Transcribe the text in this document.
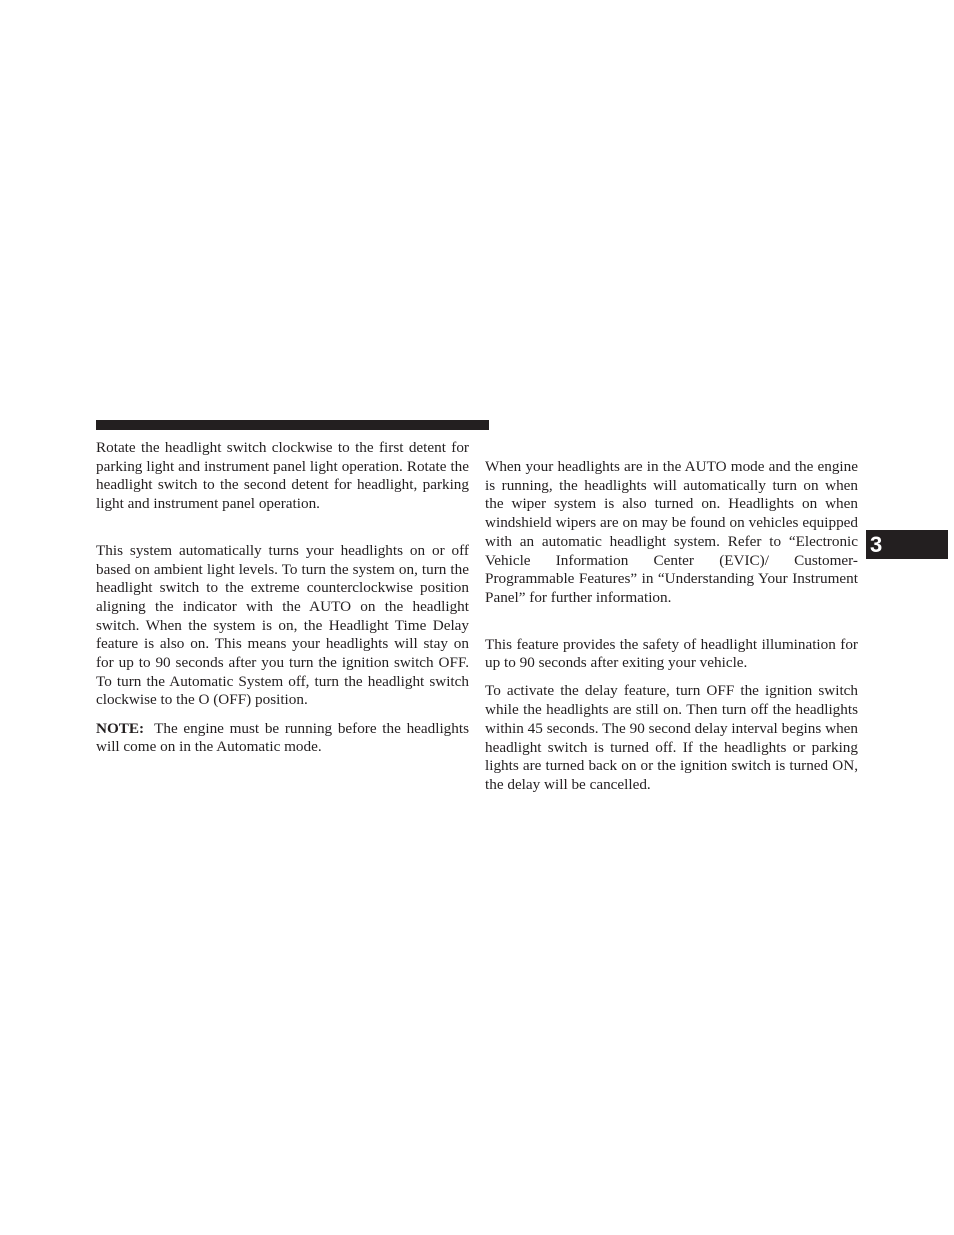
Rotate the headlight switch clockwise to the first detent for parking light and instrument panel light operation. Rotate the headlight switch to the second detent for headlight, parking light and instrument panel operation.

This system automatically turns your headlights on or off based on ambient light levels. To turn the system on, turn the headlight switch to the extreme counterclockwise position aligning the indicator with the AUTO on the headlight switch. When the system is on, the Headlight Time Delay feature is also on. This means your headlights will stay on for up to 90 seconds after you turn the ignition switch OFF. To turn the Automatic System off, turn the headlight switch clockwise to the O (OFF) position.

NOTE: The engine must be running before the headlights will come on in the Automatic mode.

When your headlights are in the AUTO mode and the engine is running, the headlights will automatically turn on when the wiper system is also turned on. Headlights on when windshield wipers are on may be found on vehicles equipped with an automatic headlight system. Refer to “Electronic Vehicle Information Center (EVIC)/ Customer-Programmable Features” in “Understanding Your Instrument Panel” for further information.

This feature provides the safety of headlight illumination for up to 90 seconds after exiting your vehicle.

To activate the delay feature, turn OFF the ignition switch while the headlights are still on. Then turn off the headlights within 45 seconds. The 90 second delay interval begins when headlight switch is turned off. If the headlights or parking lights are turned back on or the ignition switch is turned ON, the delay will be cancelled.

3
